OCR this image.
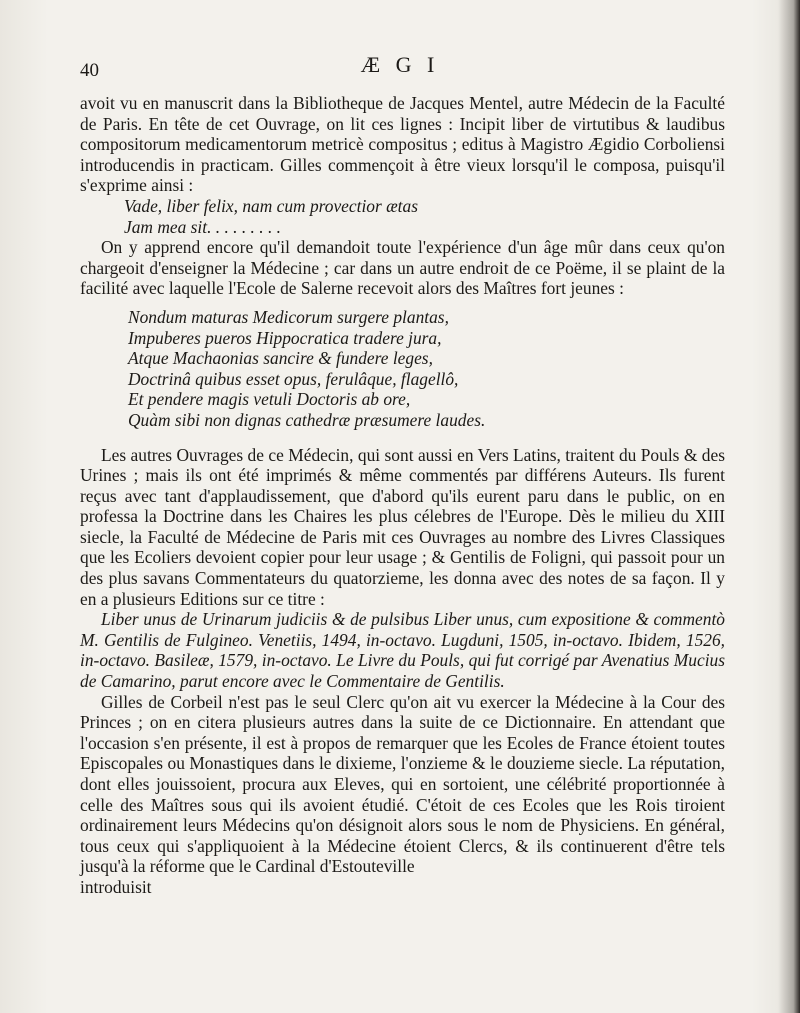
40	Æ G I

avoit vu en manuscrit dans la Bibliotheque de Jacques Mentel, autre Médecin de la Faculté de Paris. En tête de cet Ouvrage, on lit ces lignes : Incipit liber de virtutibus & laudibus compositorum medicamentorum metricè compositus ; editus à Magistro Ægidio Corboliensi introducendis in practicam. Gilles commençoit à être vieux lorsqu'il le composa, puisqu'il s'exprime ainsi :

Vade, liber felix, nam cum provectior ætas
Jam mea sit. . . . . . . . .

On y apprend encore qu'il demandoit toute l'expérience d'un âge mûr dans ceux qu'on chargeoit d'enseigner la Médecine ; car dans un autre endroit de ce Poëme, il se plaint de la facilité avec laquelle l'Ecole de Salerne recevoit alors des Maîtres fort jeunes :

Nondum maturas Medicorum surgere plantas,
Impuberes pueros Hippocratica tradere jura,
Atque Machaonias sancire & fundere leges,
Doctrinâ quibus esset opus, ferulâque, flagellô,
Et pendere magis vetuli Doctoris ab ore,
Quàm sibi non dignas cathedræ præsumere laudes.

Les autres Ouvrages de ce Médecin, qui sont aussi en Vers Latins, traitent du Pouls & des Urines ; mais ils ont été imprimés & même commentés par différens Auteurs. Ils furent reçus avec tant d'applaudissement, que d'abord qu'ils eurent paru dans le public, on en professa la Doctrine dans les Chaires les plus célebres de l'Europe. Dès le milieu du XIII siecle, la Faculté de Médecine de Paris mit ces Ouvrages au nombre des Livres Classiques que les Ecoliers devoient copier pour leur usage ; & Gentilis de Foligni, qui passoit pour un des plus savans Commentateurs du quatorzieme, les donna avec des notes de sa façon. Il y en a plusieurs Editions sur ce titre :

Liber unus de Urinarum judiciis & de pulsibus Liber unus, cum expositione & commentò M. Gentilis de Fulgineo. Venetiis, 1494, in-octavo. Lugduni, 1505, in-octavo. Ibidem, 1526, in-octavo. Basileæ, 1579, in-octavo. Le Livre du Pouls, qui fut corrigé par Avenatius Mucius de Camarino, parut encore avec le Commentaire de Gentilis.

Gilles de Corbeil n'est pas le seul Clerc qu'on ait vu exercer la Médecine à la Cour des Princes ; on en citera plusieurs autres dans la suite de ce Dictionnaire. En attendant que l'occasion s'en présente, il est à propos de remarquer que les Ecoles de France étoient toutes Episcopales ou Monastiques dans le dixieme, l'onzieme & le douzieme siecle. La réputation, dont elles jouissoient, procura aux Eleves, qui en sortoient, une célébrité proportionnée à celle des Maîtres sous qui ils avoient étudié. C'étoit de ces Ecoles que les Rois tiroient ordinairement leurs Médecins qu'on désignoit alors sous le nom de Physiciens. En général, tous ceux qui s'appliquoient à la Médecine étoient Clercs, & ils continuerent d'être tels jusqu'à la réforme que le Cardinal d'Estouteville

introduisit
